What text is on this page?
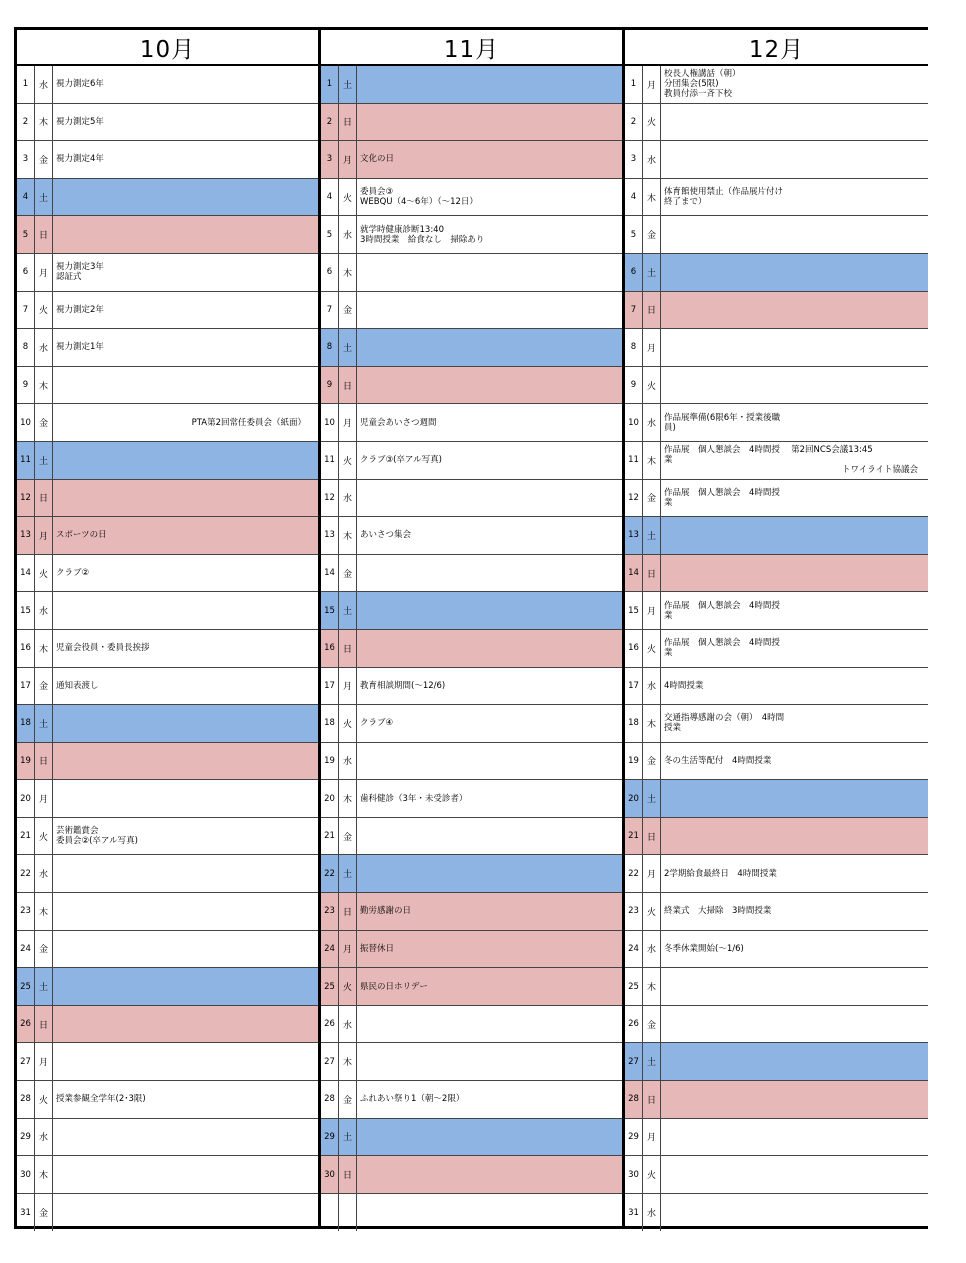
10月
1	水 視力測定6年
2	木 視力測定5年
3	金 視力測定4年
4	土
5	日
6	月
視力測定3年
認証式
7	火 視力測定2年
8	水 視力測定1年
9	木
10 金	PTA第2回常任委員会（紙面）
11 土
12 日
13 月 スポーツの日
14 火 クラブ②
15 水
16 木 児童会役員・委員長挨拶
17 金 通知表渡し
18 土
19 日
20 月
21 火
芸術鑑賞会
委員会②(卒アル写真)
22 水
23 木
24 金
25 土
26 日
27 月
28 火 授業参観全学年(2･3限)
29 水
30 木
31 金
11月
1	土
2	日
3	月 文化の日
4	火
委員会③
WEBQU（4～6年）（～12日）
5	水
就学時健康診断13:40
3時間授業　給食なし　掃除あり
6	木
7	金
8	土
9	日
10 月 児童会あいさつ週間
11 火 クラブ③(卒アル写真)
12 水
13 木 あいさつ集会
14 金
15 土
16 日
17 月 教育相談期間(～12/6)
18 火 クラブ④
19 水
20 木 歯科健診（3年・未受診者）
21 金
22 土
23 日 勤労感謝の日
24 月 振替休日
25 火 県民の日ホリデー
26 水
27 木
28 金 ふれあい祭り1（朝～2限）
29 土
30 日
12月
1	月
校長人権講話（朝）
分団集会(5限)
教員付添一斉下校
2	火
3	水
4	木
体育館使用禁止（作品展片付け
終了まで）
5	金
6	土
7	日
8	月
9	火
10 水
作品展準備(6限6年・授業後職
員)
11 木
作品展　個人懇談会　4時間授　 第2回NCS会議13:45
業
トワイライト協議会
12 金
作品展　個人懇談会　4時間授
業
13 土
14 日
15 月
作品展　個人懇談会　4時間授
業
16 火
作品展　個人懇談会　4時間授
業
17 水 4時間授業
18 木
交通指導感謝の会（朝）　4時間
授業
19 金 冬の生活等配付　4時間授業
20 土
21 日
22 月 2学期給食最終日　4時間授業
23 火 終業式　大掃除　3時間授業
24 水 冬季休業開始(～1/6)
25 木
26 金
27 土
28 日
29 月
30 火
31 水
